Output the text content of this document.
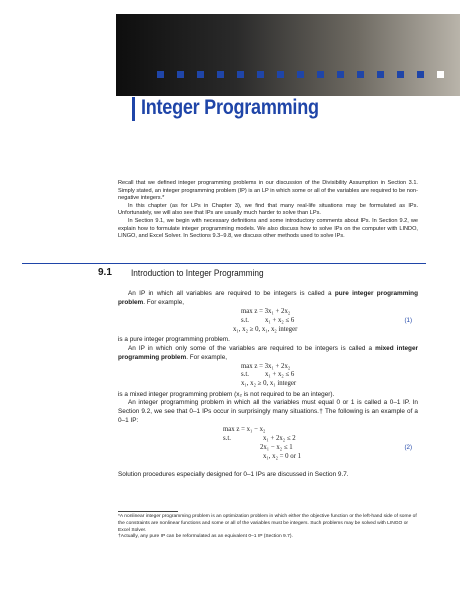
Integer Programming

Recall that we defined integer programming problems in our discussion of the Divisibility Assumption in Section 3.1. Simply stated, an integer programming problem (IP) is an LP in which some or all of the variables are required to be non-negative integers.*

In this chapter (as for LPs in Chapter 3), we find that many real-life situations may be formulated as IPs. Unfortunately, we will also see that IPs are usually much harder to solve than LPs.

In Section 9.1, we begin with necessary definitions and some introductory comments about IPs. In Section 9.2, we explain how to formulate integer programming models. We also discuss how to solve IPs on the computer with LINDO, LINGO, and Excel Solver. In Sections 9.3–9.8, we discuss other methods used to solve IPs.

9.1 Introduction to Integer Programming

An IP in which all variables are required to be integers is called a pure integer programming problem. For example,

max z = 3x₁ + 2x₂
s.t. x₁ + x₂ ≤ 6	(1)
x₁, x₂ ≥ 0, x₁, x₂ integer

is a pure integer programming problem.

An IP in which only some of the variables are required to be integers is called a mixed integer programming problem. For example,

max z = 3x₁ + 2x₂
s.t. x₁ + x₂ ≤ 6
x₁, x₂ ≥ 0, x₁ integer

is a mixed integer programming problem (x₂ is not required to be an integer).

An integer programming problem in which all the variables must equal 0 or 1 is called a 0–1 IP. In Section 9.2, we see that 0–1 IPs occur in surprisingly many situations.† The following is an example of a 0–1 IP:

max z = x₁ − x₂
s.t.	x₁ + 2x₂ ≤ 2
2x₁ − x₂ ≤ 1	(2)
x₁, x₂ = 0 or 1

Solution procedures especially designed for 0–1 IPs are discussed in Section 9.7.

*A nonlinear integer programming problem is an optimization problem in which either the objective function or the left-hand side of some of the constraints are nonlinear functions and some or all of the variables must be integers. Such problems may be solved with LINGO or Excel Solver.

†Actually, any pure IP can be reformulated as an equivalent 0–1 IP (Section 9.7).
